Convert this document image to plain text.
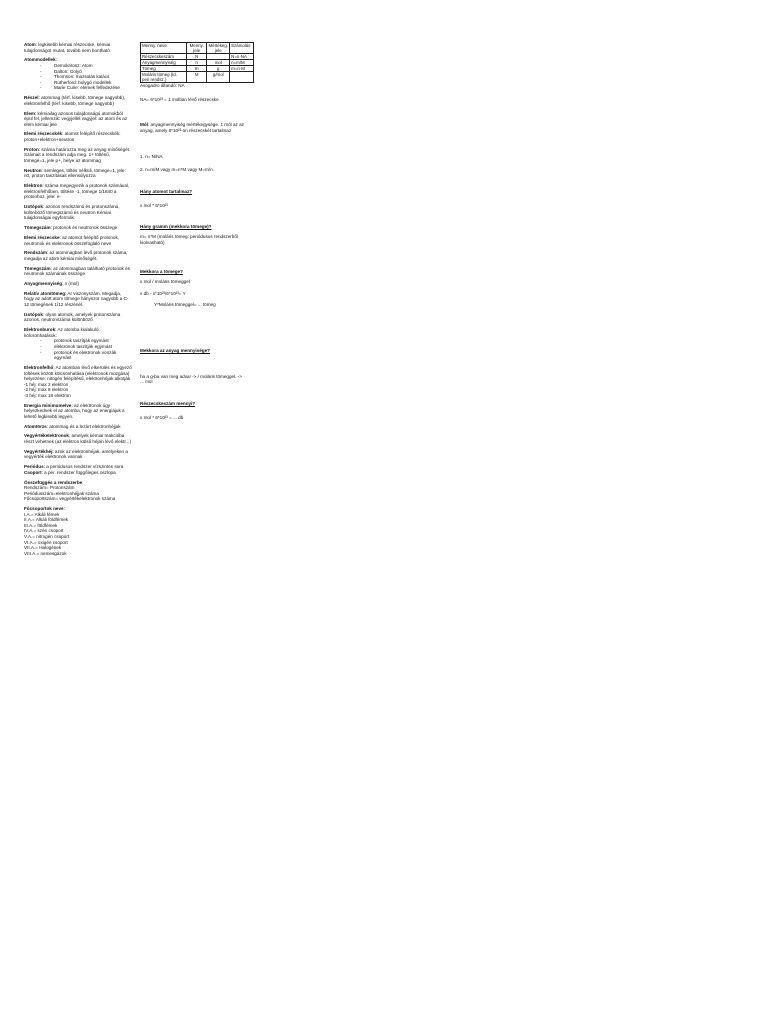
Atom: legkisebb kémiai részecske, kémiai tulajdonságot mutat, tovább nem bontható
Atommodellek:
- Demokritosz: Atom
- Dalton: Golyó
- Thomson: mazsolás kalács
- Rutherford: bolygó modellek
- Marie Curie: elemek felfedezése
Részel: atommag (térf. kisebb, tömege nagyobb), elektronfelhő (térf. kisebb, tömege nagyobb)
Elem: kémiailag azonos tulajdonságú atomokból épül fel, jellemzik: vegyjellel vagyjel: az atom és az elem kémiai jele
Elemi részecskék: atomot felépítő részecskék: proton+elektron+neutron
Proton: száma határozza meg az anyag minőségét. Számait a rendszám adja meg. 1+ töltésű, tömege=1, jele p+, helye az atommag
Neutron: semleges, töltés nélküli, tömege=1, jele: n0, proton taszításait ellensúlyozza
Elektron: száma megegyezik a protonok számával, elektronfelhőben, töltése -1, tömege 1/1840 a protonhoz, jele: e-
Izotópok: azonos rendszámú és protonszámú, különböző tömegszámú és neutron Kémiai tulajdonságai egyformák.
Tömegszám: protonok és neutronok összege
Elemi részecske: az atomot felépítő protonok, neutronok és elektronok összefoglaló neve
Rendszám: az atommagban lévő protonok száma, megadja az atom kémiai minőségét.
Tömegszám: az atommagban található protonok és neutronok számának összege
Anyagmennyiség: n (mol)
Relatív atomtömeg: Ar viszonyszám. Megadja, hogy az adott atom tömege hányszor nagyobb a C-12 tömegének 1/12 részénél.
Izotópok: olyan atomok, amelyek protonszáma azonos, neutronszáma különböző
Elektronburok: Az atomba kialakuló kölcsönhatások:
- protonok taszítják egymást
- elektronok taszítják egymást
- protonok és elektronok vonzák egymást
Elektronfelhő: Az atomban lévő elkerülés és egyező töltések között kölcsönhatása (elektronok mozgása) helyezése: nitogén felépítésű, elektronhéjak alkotják
-1 héj: max 2 elektron
-2 héj: max 8 elektron
-3 héj: max 18 elektron
Energia minimumelve: az elektronok úgy helyezkednek el az atomba, hogy az energiájuk a lehető legkisebb legyen.
Atomtörzs: atommag és a lezárt elektronhéjjak
Vegyértékelektronok, amelyek kémiai reakcióba részt vehetnek (az elektron külső héján lévő elektr...)
Vegyértékhéj: azok az elektronhéjak, amelyeken a vegyérték elektronok vannak
Periódus: a periódusos rendszer vízszintes sora
Csoport: a per. rendszer függőleges oszlopa
Összefüggés a rendszerbe:
Rendszám= Protonszám
Periódusszám=elektronhéjjak száma
Főcsoportszám= vegyértékelektronok száma
Főcsoportok neve:
I.A.= Alkáli fémek
II.A.= Alkáli földfémek
III.A.= földfémek
IV.A.= szén csoport
V.A.= nitrogén csoport
VI.A.= oxigén csoport
VII.A.= Halogének
VIII.A.= nemesgázok
Menny. neve	Menny. jele	Mértékeg. jele	Számolás
Részecskeszám	N		N=n·NA
Anyagmennyiség	n	mol	n=m/M
Tömeg	m	g	m=n·M
Moláris tömeg (ld. peri rendsz.)	M	g/mol	
Avogadro állandó: NA
NA= 6*10²³ = 1 molban lévő részecske
Mól: anyagmennyiség mértékegysége. 1 mól az az anyag, amely 6*10²³-on részecskét tartalmaz
1. n= N/NA
2. n=m/M vagy m=n*M vagy M=m/n.
Hány atomot tartalmaz?
x mol * 6*10²³
Hány gramm (mekkora tömege)?
m= n*M (moláris tömeg: periódusos rendszerből kiolvasható)
Mekkora a tömege?
x mol / moláris tömeggel
x db - x*10²³/6*10²³= Y
Y*Moláris tömeggel= ... tömeg
Mekkora az anyag mennyisége?
ha a g-ba van meg adva! -> / moláris tömeggel. ->
... mol
Részecskeszám mennyi?
x mol * 6*10²³ = ... db
